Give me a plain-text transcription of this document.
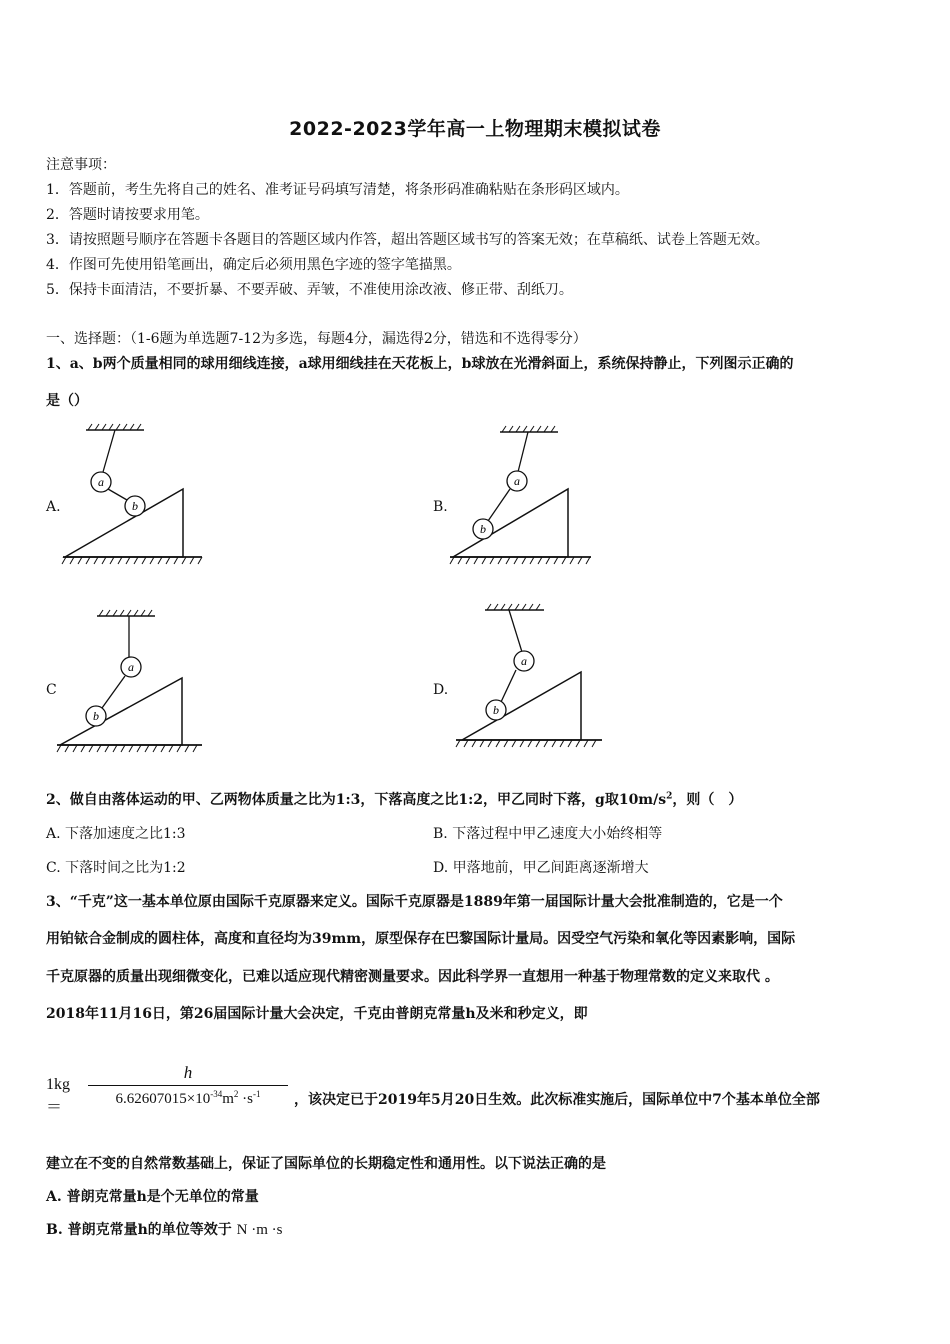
2022-2023学年高一上物理期末模拟试卷
注意事项：
1．答题前，考生先将自己的姓名、准考证号码填写清楚，将条形码准确粘贴在条形码区域内。
2．答题时请按要求用笔。
3．请按照题号顺序在答题卡各题目的答题区域内作答，超出答题区域书写的答案无效；在草稿纸、试卷上答题无效。
4．作图可先使用铅笔画出，确定后必须用黑色字迹的签字笔描黑。
5．保持卡面清洁，不要折暴、不要弄破、弄皱，不准使用涂改液、修正带、刮纸刀。
一、选择题：（1-6题为单选题7-12为多选，每题4分，漏选得2分，错选和不选得零分）
1、a、b两个质量相同的球用细线连接，a球用细线挂在天花板上，b球放在光滑斜面上，系统保持静止，下列图示正确的
是（）
A.
a
b	B.
a
b
C
a
b
D.
a
b
2、做自由落体运动的甲、乙两物体质量之比为1:3，下落高度之比1:2，甲乙同时下落，g取$10m/s^2$，则（　）
A. 下落加速度之比1:3	B. 下落过程中甲乙速度大小始终相等
C. 下落时间之比为1:2	D. 甲落地前，甲乙间距离逐渐增大
3、“千克”这一基本单位原由国际千克原器来定义。国际千克原器是1889年第一届国际计量大会批准制造的，它是一个
用铂铱合金制成的圆柱体，高度和直径均为39mm，原型保存在巴黎国际计量局。因受空气污染和氧化等因素影响，国际
千克原器的质量出现细微变化，已难以适应现代精密测量要求。因此科学界一直想用一种基于物理常数的定义来取代 。
2018年11月16日，第26届国际计量大会决定，千克由普朗克常量h及米和秒定义，即
1kg＝
h
$6.62607015\times 10^{-34}m^2 \cdot s^{-1}$	，该决定已于2019年5月20日生效。此次标准实施后，国际单位中7个基本单位全部
建立在不变的自然常数基础上，保证了国际单位的长期稳定性和通用性。以下说法正确的是
A. 普朗克常量h是个无单位的常量
B. 普朗克常量h的单位等效于 N ·m ·s
